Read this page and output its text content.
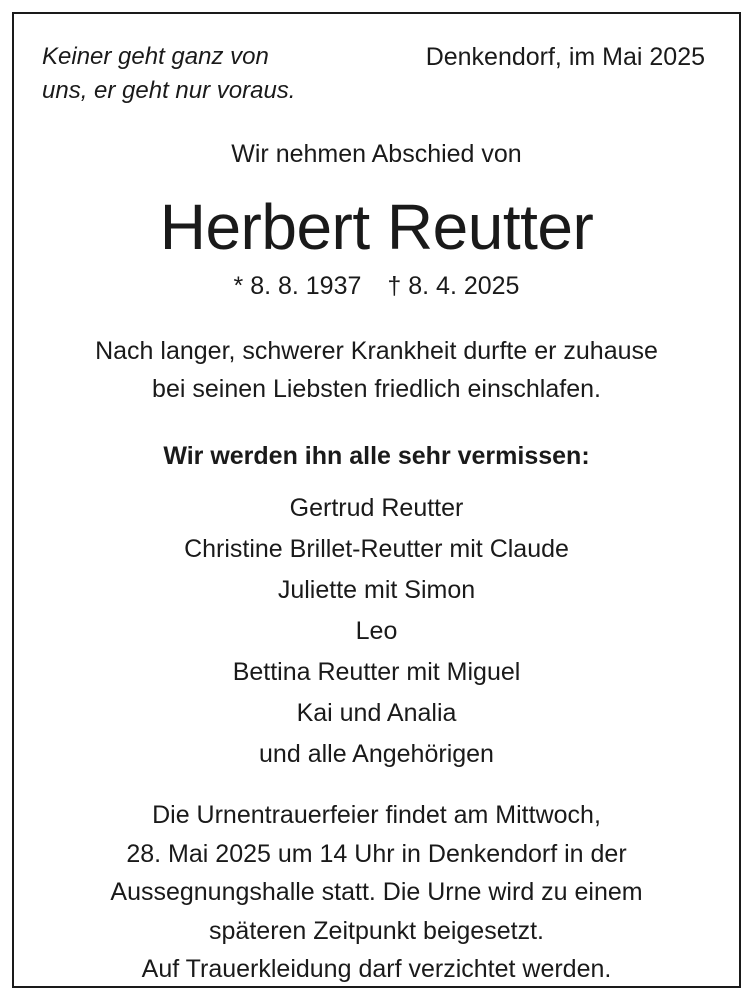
Keiner geht ganz von
uns, er geht nur voraus.
Denkendorf, im Mai 2025
Wir nehmen Abschied von
Herbert Reutter
* 8. 8. 1937 † 8. 4. 2025
Nach langer, schwerer Krankheit durfte er zuhause
bei seinen Liebsten friedlich einschlafen.
Wir werden ihn alle sehr vermissen:
Gertrud Reutter
Christine Brillet-Reutter mit Claude
Juliette mit Simon
Leo
Bettina Reutter mit Miguel
Kai und Analia
und alle Angehörigen
Die Urnentrauerfeier findet am Mittwoch,
28. Mai 2025 um 14 Uhr in Denkendorf in der
Aussegnungshalle statt. Die Urne wird zu einem
späteren Zeitpunkt beigesetzt.
Auf Trauerkleidung darf verzichtet werden.
